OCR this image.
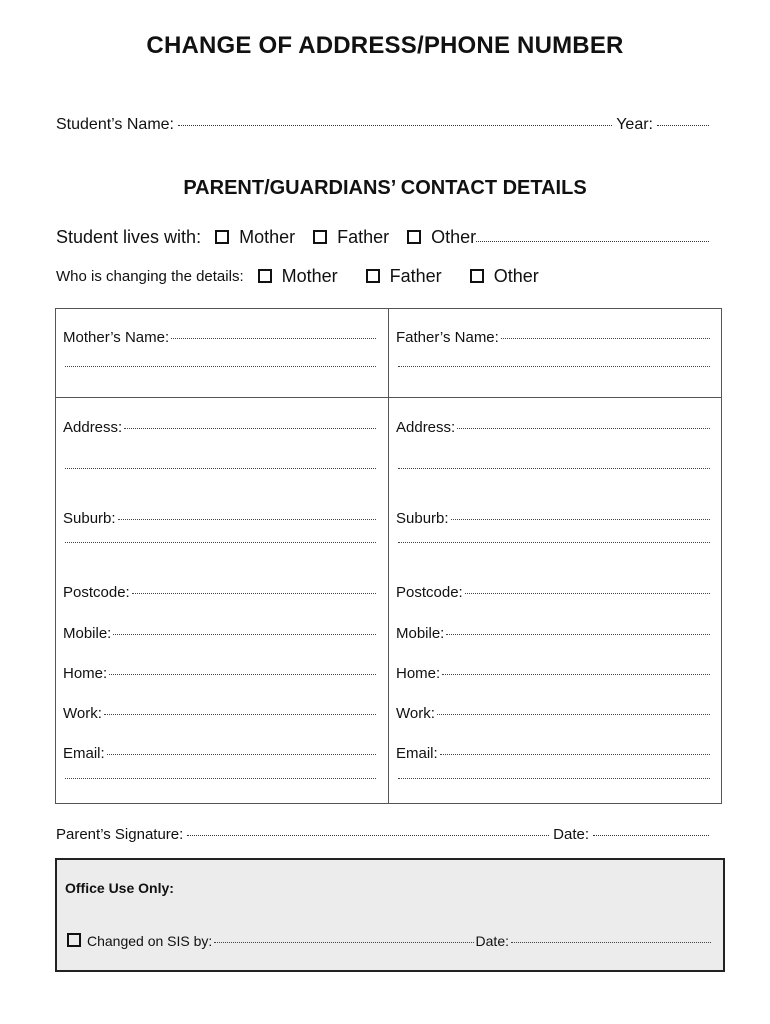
CHANGE OF ADDRESS/PHONE NUMBER
Student’s Name:	Year:
PARENT/GUARDIANS’ CONTACT DETAILS
Student lives with: Mother Father Other
Who is changing the details: Mother	Father	Other
Mother’s Name:
Address:
Suburb:
Postcode:
Mobile:
Home:
Work:
Email:
Father’s Name:
Address:
Suburb:
Postcode:
Mobile:
Home:
Work:
Email:
Parent’s Signature:	Date:
Office Use Only:
Changed on SIS by:	Date:
